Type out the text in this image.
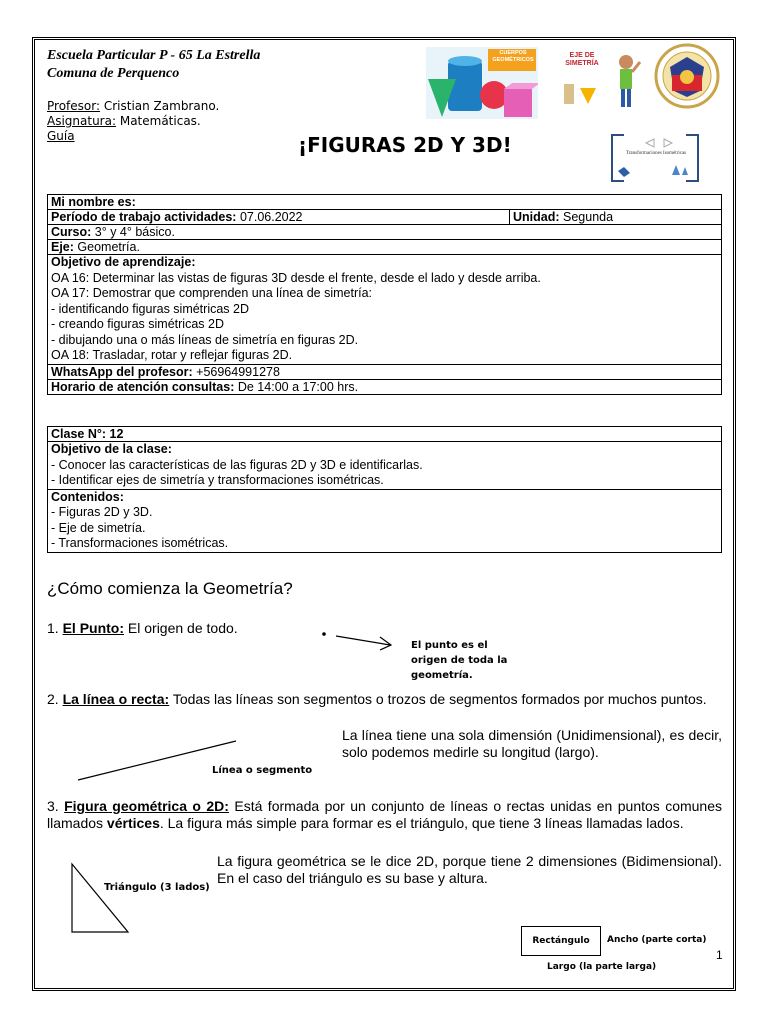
Escuela Particular P - 65 La Estrella
Comuna de Perquenco
Profesor: Cristian Zambrano.
Asignatura: Matemáticas.
Guía	¡FIGURAS 2D Y 3D!
CUERPOS GEOMÉTRICOS
EJE DE
SIMETRÍA
Transformaciones Isométricas
Mi nombre es:
Período de trabajo actividades: 07.06.2022	Unidad: Segunda
Curso: 3° y 4° básico.
Eje: Geometría.
Objetivo de aprendizaje:
OA 16: Determinar las vistas de figuras 3D desde el frente, desde el lado y desde arriba.
OA 17: Demostrar que comprenden una línea de simetría:
- identificando figuras simétricas 2D
- creando figuras simétricas 2D
- dibujando una o más líneas de simetría en figuras 2D.
OA 18: Trasladar, rotar y reflejar figuras 2D.

WhatsApp del profesor: +56964991278
Horario de atención consultas: De 14:00 a 17:00 hrs.
Clase N°: 12
Objetivo de la clase:
- Conocer las características de las figuras 2D y 3D e identificarlas.
- Identificar ejes de simetría y transformaciones isométricas.

Contenidos:
- Figuras 2D y 3D.
- Eje de simetría.
- Transformaciones isométricas.
¿Cómo comienza la Geometría?
1. El Punto: El origen de todo.
El punto es el
origen de toda la
geometría.
2. La línea o recta: Todas las líneas son segmentos o trozos de segmentos formados por muchos puntos.
La línea tiene una sola dimensión (Unidimensional), es decir, solo podemos medirle su longitud (largo).
Línea o segmento
3. Figura geométrica o 2D: Está formada por un conjunto de líneas o rectas unidas en puntos comunes llamados vértices. La figura más simple para formar es el triángulo, que tiene 3 líneas llamadas lados.
La figura geométrica se le dice 2D, porque tiene 2 dimensiones (Bidimensional). En el caso del triángulo es su base y altura.
Triángulo (3 lados)
Rectángulo	Ancho (parte corta)
Largo (la parte larga)
1
